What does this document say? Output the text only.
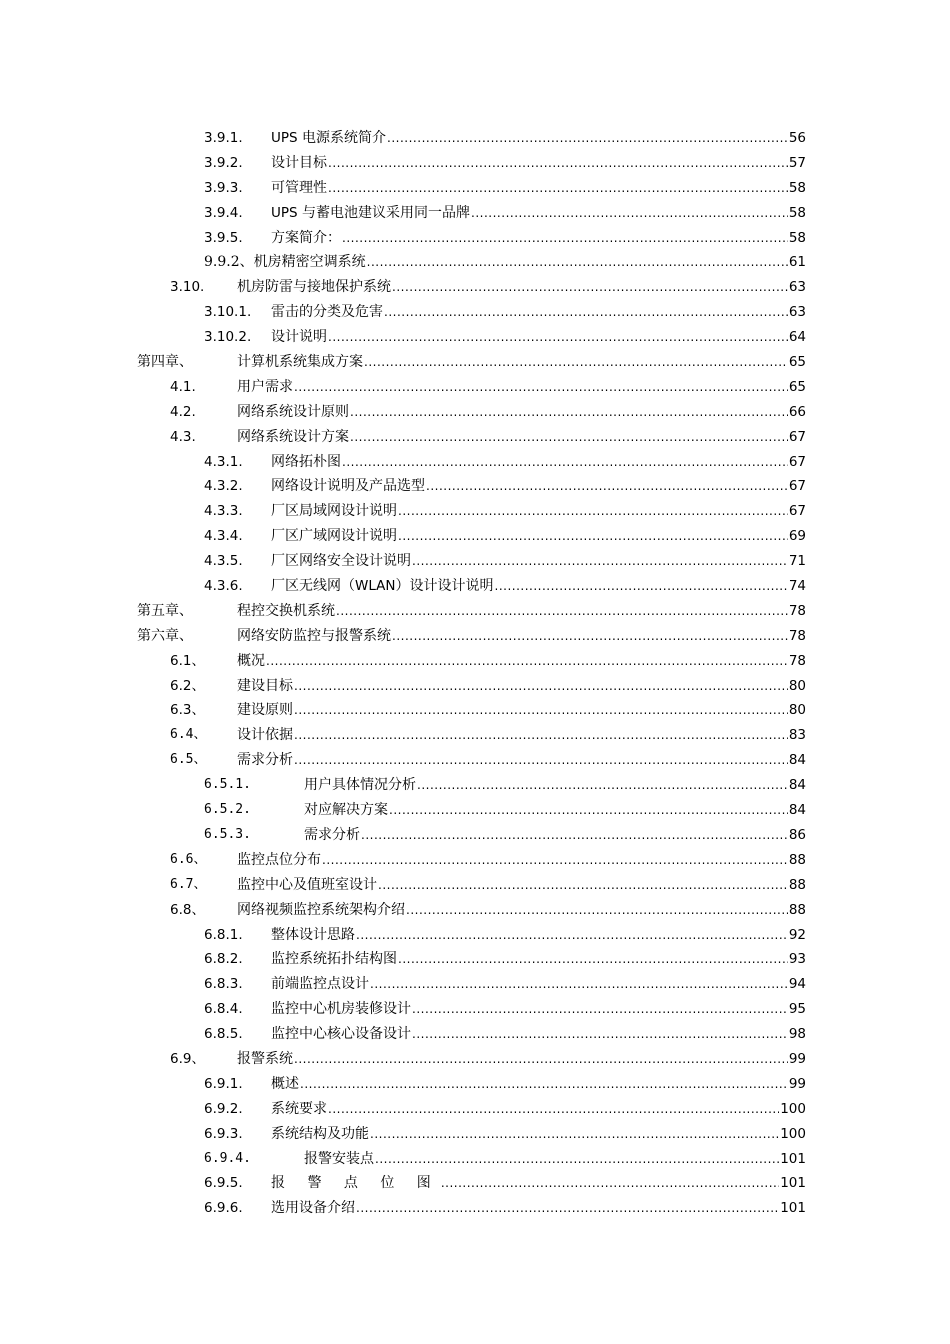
3.9.1. UPS 电源系统简介 .....	56
3.9.2. 设计目标 .....	57
3.9.3. 可管理性 .....	58
3.9.4. UPS 与蓄电池建议采用同一品牌 .....	58
3.9.5. 方案简介： .....	58
9.9.2、机房精密空调系统 .....	61
3.10. 机房防雷与接地保护系统 .....	63
3.10.1. 雷击的分类及危害 .....	63
3.10.2. 设计说明 .....	64
第四章、	计算机系统集成方案 .....	65
4.1.	用户需求 .....	65
4.2.	网络系统设计原则 .....	66
4.3.	网络系统设计方案 .....	67
4.3.1. 网络拓朴图 .....	67
4.3.2. 网络设计说明及产品选型 .....	67
4.3.3. 厂区局域网设计说明 .....	67
4.3.4. 厂区广域网设计说明 .....	69
4.3.5. 厂区网络安全设计说明 .....	71
4.3.6. 厂区无线网（WLAN）设计设计说明 .....	74
第五章、	程控交换机系统 .....	78
第六章、	网络安防监控与报警系统 .....	78
6.1、 概况 .....	78
6.2、 建设目标 .....	80
6.3、 建设原则 .....	80
6.4、 设计依据 .....	83
6.5、 需求分析 .....	84
6.5.1.	用户具体情况分析 .....	84
6.5.2.	对应解决方案 .....	84
6.5.3.	需求分析 .....	86
6.6、 监控点位分布 .....	88
6.7、 监控中心及值班室设计 .....	88
6.8、 网络视频监控系统架构介绍 .....	88
6.8.1. 整体设计思路 .....	92
6.8.2. 监控系统拓扑结构图 .....	93
6.8.3. 前端监控点设计 .....	94
6.8.4. 监控中心机房装修设计 .....	95
6.8.5. 监控中心核心设备设计 .....	98
6.9、 报警系统 .....	99
6.9.1. 概述 .....	99
6.9.2. 系统要求 .....	100
6.9.3. 系统结构及功能 .....	100
6.9.4.	报警安装点 .....	101
6.9.5. 报 警 点 位 图 .....	101
6.9.6. 选用设备介绍 .....	101
